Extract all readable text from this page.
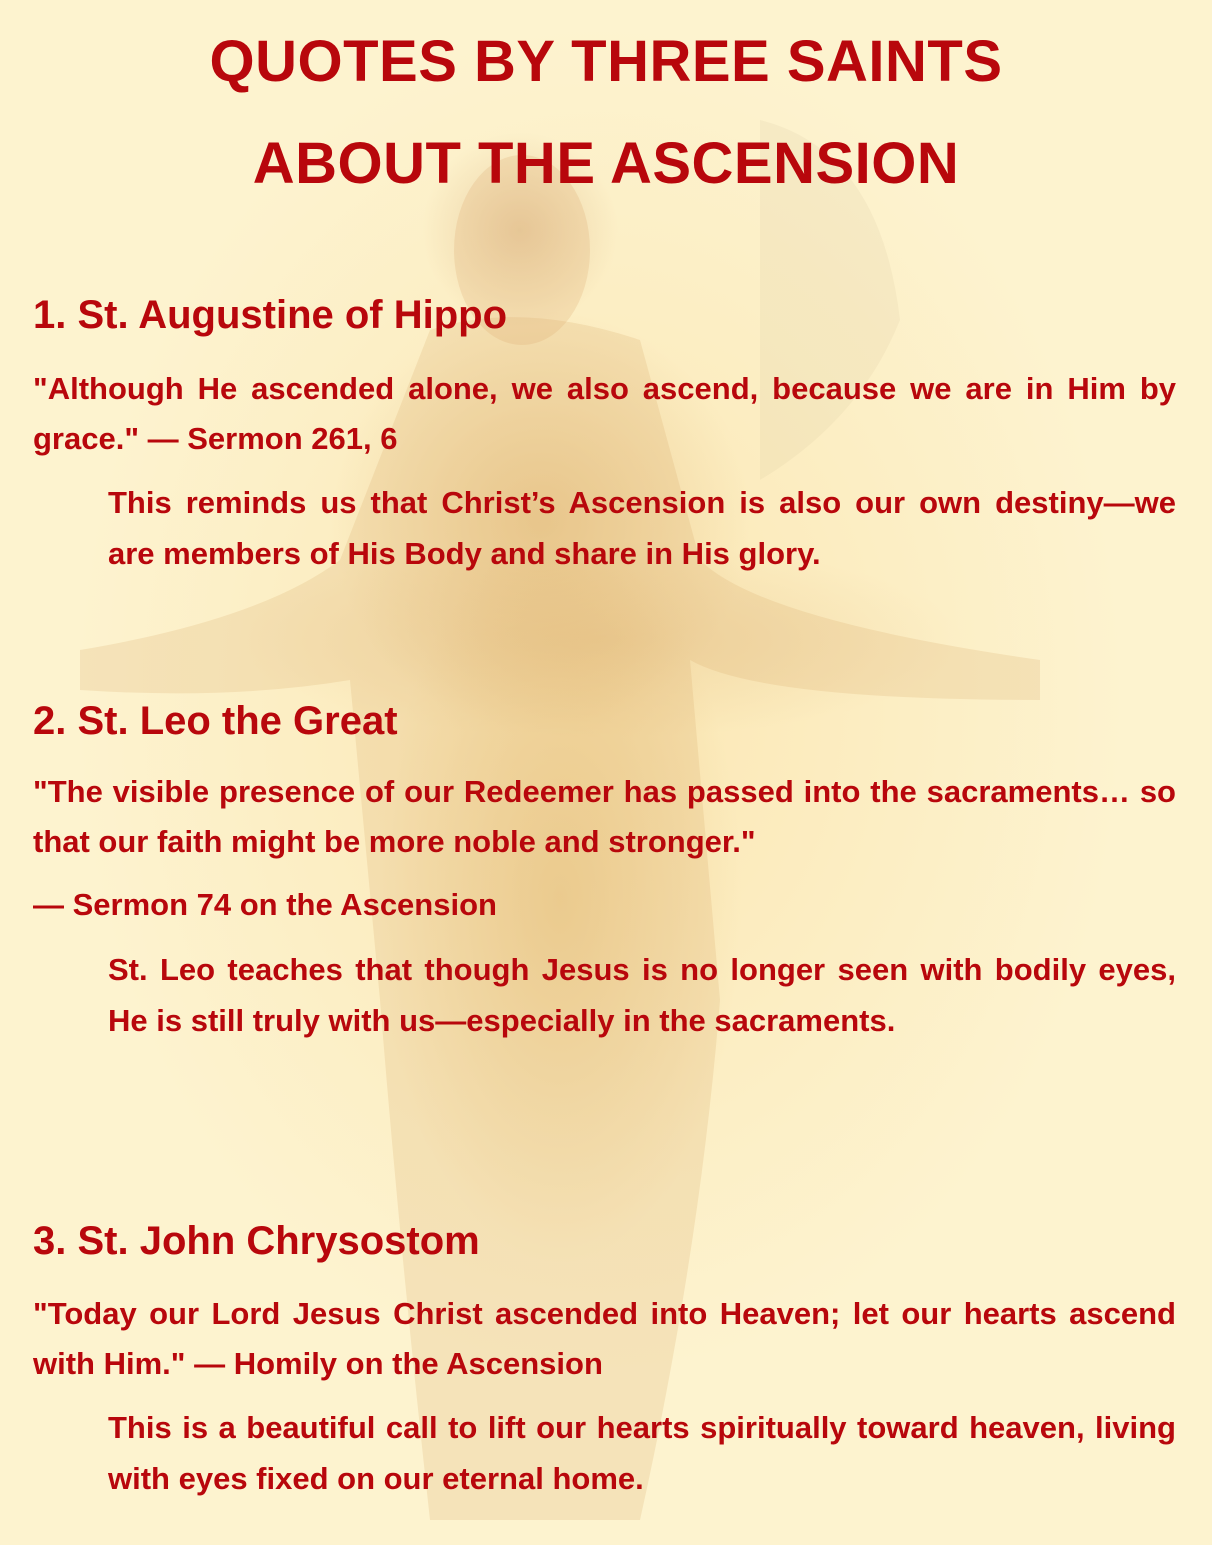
QUOTES BY THREE SAINTS
ABOUT THE ASCENSION
1. St. Augustine of Hippo

"Although He ascended alone, we also ascend, because we are in Him by grace." — Sermon 261, 6

This reminds us that Christ’s Ascension is also our own destiny—we are members of His Body and share in His glory.

2. St. Leo the Great

"The visible presence of our Redeemer has passed into the sacraments… so that our faith might be more noble and stronger."

— Sermon 74 on the Ascension

St. Leo teaches that though Jesus is no longer seen with bodily eyes, He is still truly with us—especially in the sacraments.

3. St. John Chrysostom

"Today our Lord Jesus Christ ascended into Heaven; let our hearts ascend with Him." — Homily on the Ascension

This is a beautiful call to lift our hearts spiritually toward heaven, living with eyes fixed on our eternal home.
